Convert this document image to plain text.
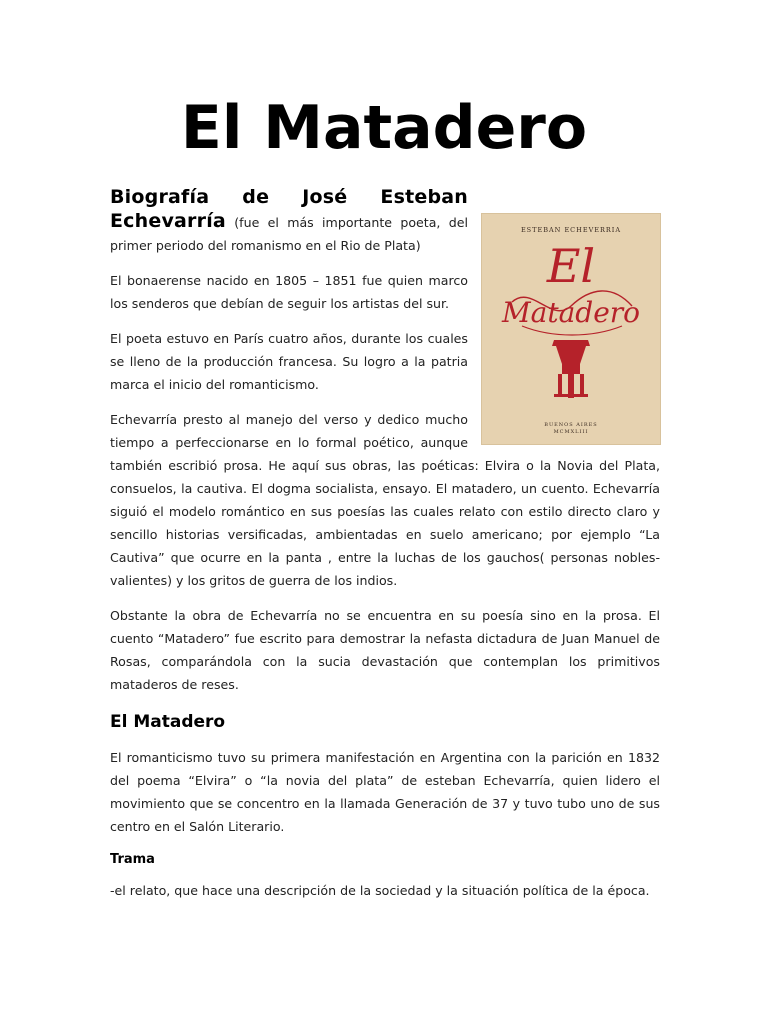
El Matadero
ESTEBAN ECHEVERRIA
El
Matadero
BUENOS AIRES
MCMXLIII

Biografía de José Esteban Echevarría (fue el más importante poeta, del primer periodo del romanismo en el Rio de Plata)

El bonaerense nacido en 1805 – 1851 fue quien marco los senderos que debían de seguir los artistas del sur.

El poeta estuvo en París cuatro años, durante los cuales se lleno de la producción francesa. Su logro a la patria marca el inicio del romanticismo.

Echevarría presto al manejo del verso y dedico mucho tiempo a perfeccionarse en lo formal poético, aunque también escribió prosa. He aquí sus obras, las poéticas: Elvira o la Novia del Plata, consuelos, la cautiva. El dogma socialista, ensayo. El matadero, un cuento. Echevarría siguió el modelo romántico en sus poesías las cuales relato con estilo directo claro y sencillo historias versificadas, ambientadas en suelo americano; por ejemplo “La Cautiva” que ocurre en la panta , entre la luchas de los gauchos( personas nobles- valientes) y los gritos de guerra de los indios.

Obstante la obra de Echevarría no se encuentra en su poesía sino en la prosa. El cuento “Matadero” fue escrito para demostrar la nefasta dictadura de Juan Manuel de Rosas, comparándola con la sucia devastación que contemplan los primitivos mataderos de reses.

El Matadero

El romanticismo tuvo su primera manifestación en Argentina con la parición en 1832 del poema “Elvira” o “la novia del plata” de esteban Echevarría, quien lidero el movimiento que se concentro en la llamada Generación de 37 y tuvo tubo uno de sus centro en el Salón Literario.

Trama

-el relato, que hace una descripción de la sociedad y la situación política de la época.
